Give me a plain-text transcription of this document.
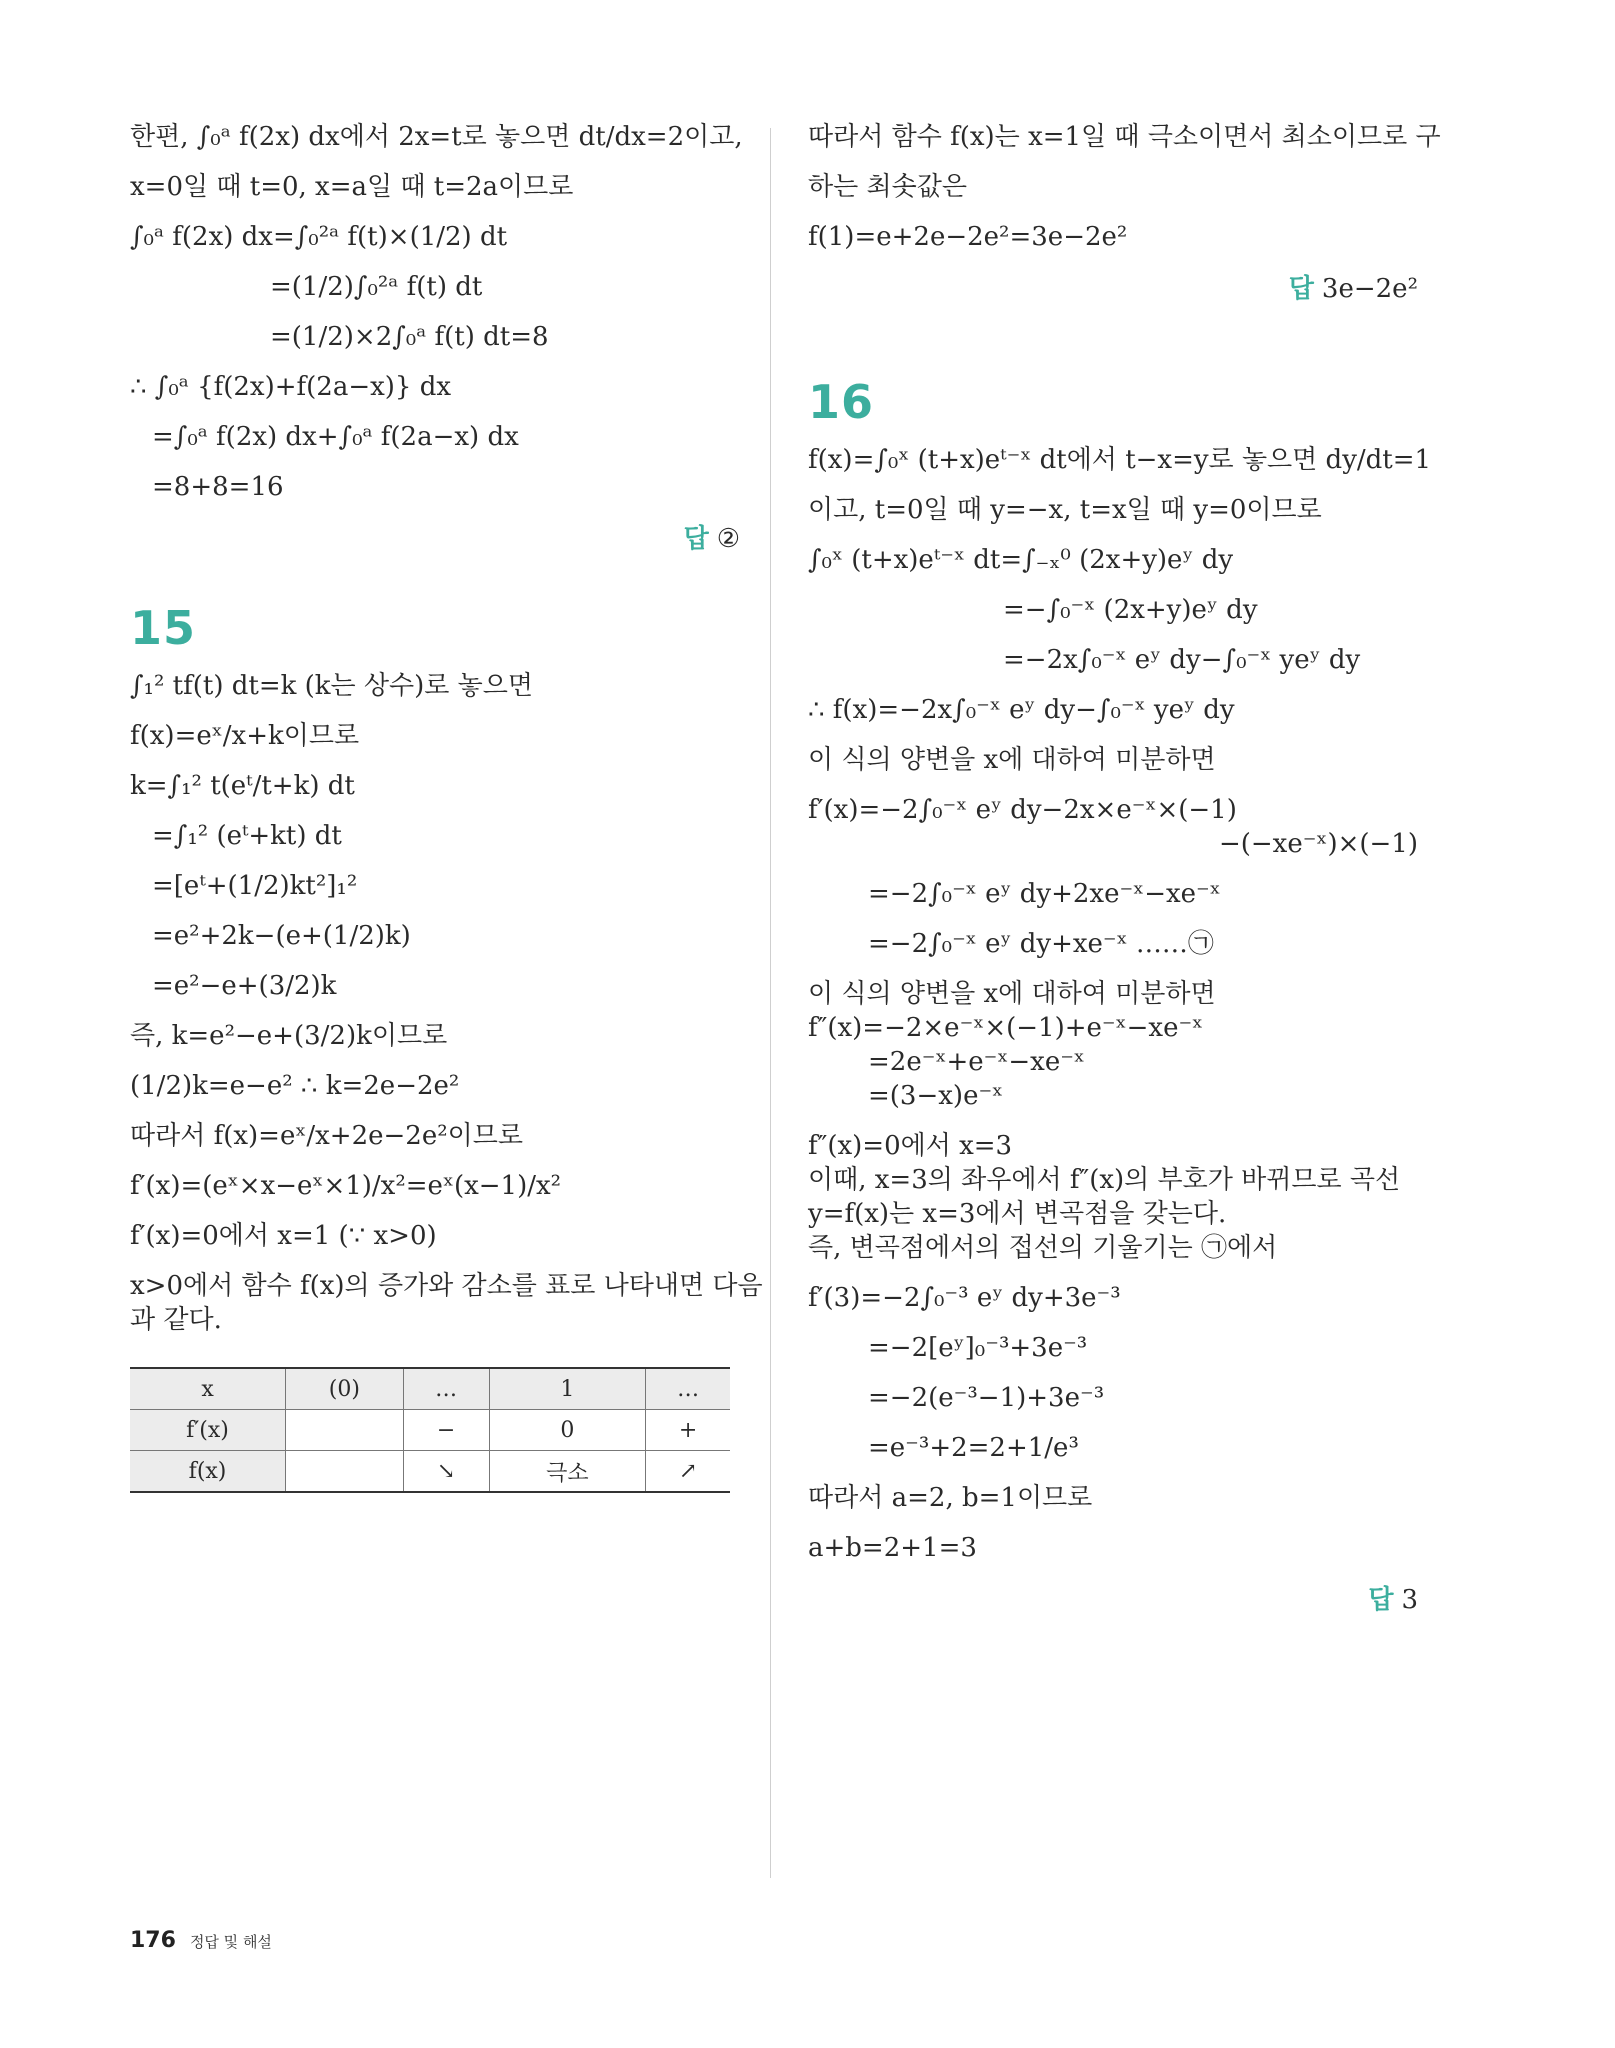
한편, ∫₀ᵃ f(2x) dx에서 2x=t로 놓으면 dt/dx=2이고,
x=0일 때 t=0, x=a일 때 t=2a이므로
∫₀ᵃ f(2x) dx=∫₀²ᵃ f(t)×(1/2) dt
=(1/2)∫₀²ᵃ f(t) dt
=(1/2)×2∫₀ᵃ f(t) dt=8
∴ ∫₀ᵃ {f(2x)+f(2a−x)} dx
=∫₀ᵃ f(2x) dx+∫₀ᵃ f(2a−x) dx
=8+8=16
답 ②
15
∫₁² tf(t) dt=k (k는 상수)로 놓으면
f(x)=eˣ/x+k이므로
k=∫₁² t(eᵗ/t+k) dt
=∫₁² (eᵗ+kt) dt
=[eᵗ+(1/2)kt²]₁²
=e²+2k−(e+(1/2)k)
=e²−e+(3/2)k
즉, k=e²−e+(3/2)k이므로
(1/2)k=e−e² ∴ k=2e−2e²
따라서 f(x)=eˣ/x+2e−2e²이므로
f′(x)=(eˣ×x−eˣ×1)/x²=eˣ(x−1)/x²
f′(x)=0에서 x=1 (∵ x>0)
x>0에서 함수 f(x)의 증가와 감소를 표로 나타내면 다음
과 같다.
x	(0)	…	1	…
f′(x)		−	0	+
f(x)		↘	극소	↗
따라서 함수 f(x)는 x=1일 때 극소이면서 최소이므로 구
하는 최솟값은
f(1)=e+2e−2e²=3e−2e²
답 3e−2e²
16
f(x)=∫₀ˣ (t+x)eᵗ⁻ˣ dt에서 t−x=y로 놓으면 dy/dt=1
이고, t=0일 때 y=−x, t=x일 때 y=0이므로
∫₀ˣ (t+x)eᵗ⁻ˣ dt=∫₋ₓ⁰ (2x+y)eʸ dy
=−∫₀⁻ˣ (2x+y)eʸ dy
=−2x∫₀⁻ˣ eʸ dy−∫₀⁻ˣ yeʸ dy
∴ f(x)=−2x∫₀⁻ˣ eʸ dy−∫₀⁻ˣ yeʸ dy
이 식의 양변을 x에 대하여 미분하면
f′(x)=−2∫₀⁻ˣ eʸ dy−2x×e⁻ˣ×(−1)
−(−xe⁻ˣ)×(−1)
=−2∫₀⁻ˣ eʸ dy+2xe⁻ˣ−xe⁻ˣ
=−2∫₀⁻ˣ eʸ dy+xe⁻ˣ ……㉠
이 식의 양변을 x에 대하여 미분하면
f″(x)=−2×e⁻ˣ×(−1)+e⁻ˣ−xe⁻ˣ
=2e⁻ˣ+e⁻ˣ−xe⁻ˣ
=(3−x)e⁻ˣ
f″(x)=0에서 x=3
이때, x=3의 좌우에서 f″(x)의 부호가 바뀌므로 곡선
y=f(x)는 x=3에서 변곡점을 갖는다.
즉, 변곡점에서의 접선의 기울기는 ㉠에서
f′(3)=−2∫₀⁻³ eʸ dy+3e⁻³
=−2[eʸ]₀⁻³+3e⁻³
=−2(e⁻³−1)+3e⁻³
=e⁻³+2=2+1/e³
따라서 a=2, b=1이므로
a+b=2+1=3
답 3
176 정답 및 해설
